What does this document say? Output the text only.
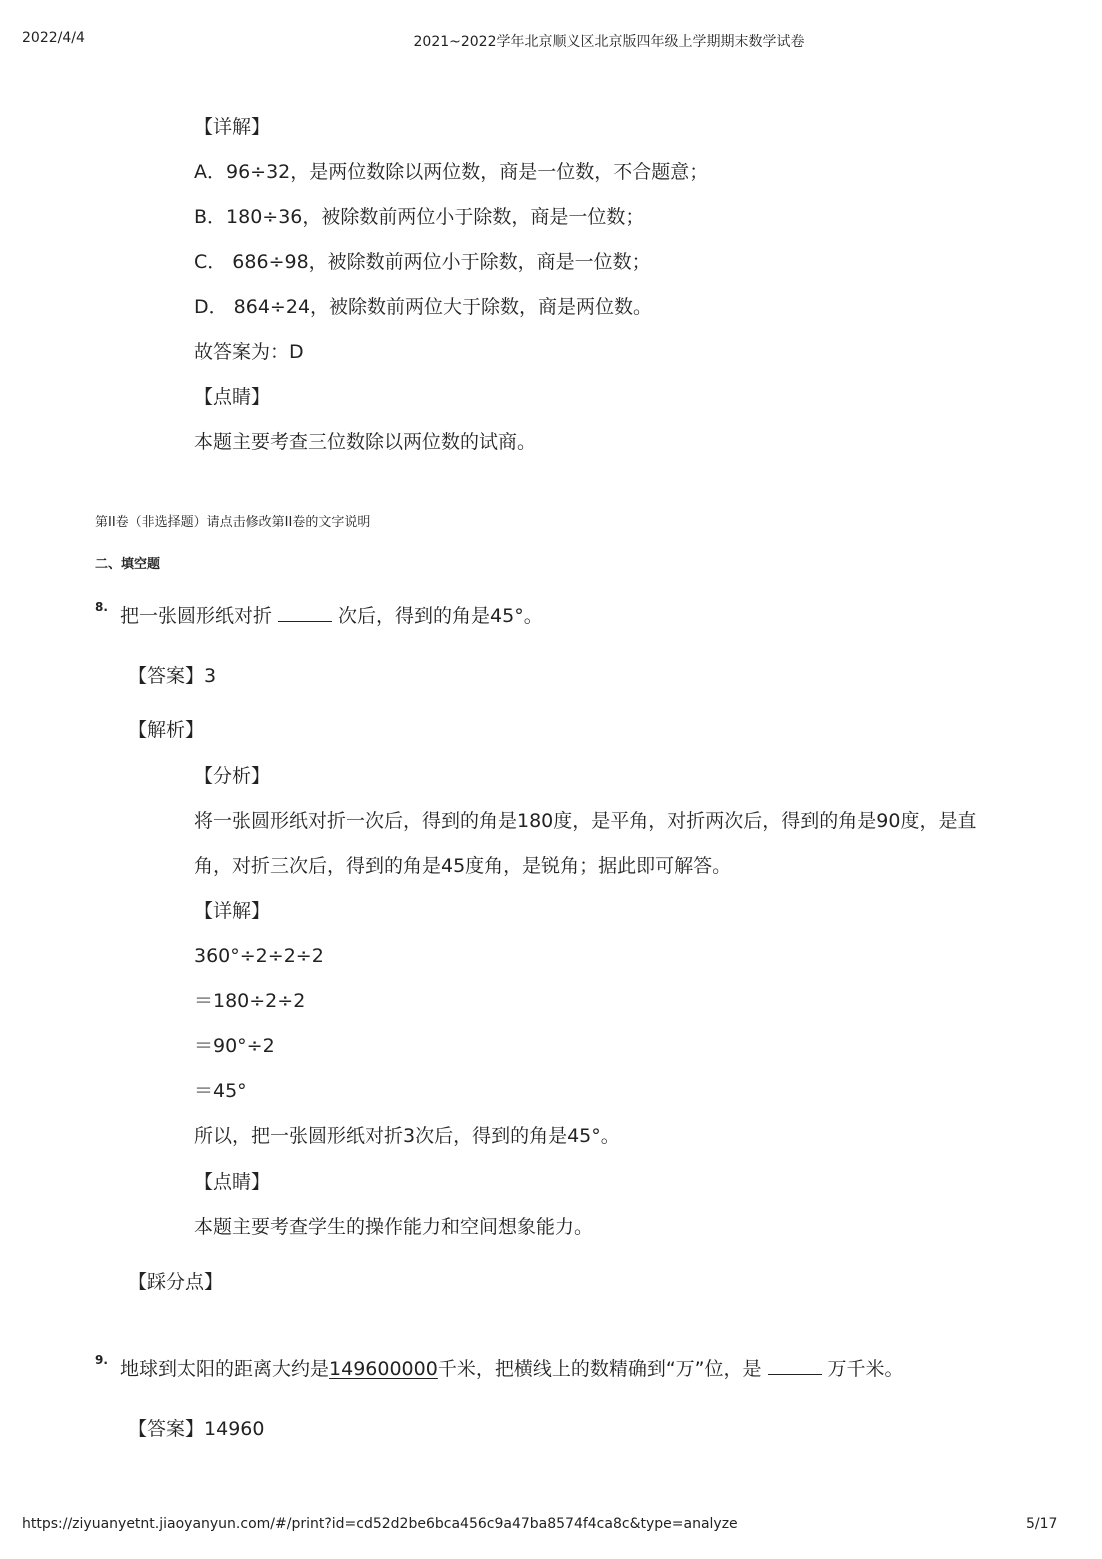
2022/4/4	2021~2022学年北京顺义区北京版四年级上学期期末数学试卷
【详解】
A．96÷32，是两位数除以两位数，商是一位数，不合题意；
B．180÷36，被除数前两位小于除数，商是一位数；
C． 686÷98，被除数前两位小于除数，商是一位数；
D． 864÷24，被除数前两位大于除数，商是两位数。
故答案为：D
【点睛】
本题主要考查三位数除以两位数的试商。
第II卷（非选择题）请点击修改第II卷的文字说明
二、填空题
8. 把一张圆形纸对折	次后，得到的角是45°。
【答案】3
【解析】
【分析】
将一张圆形纸对折一次后，得到的角是180度，是平角，对折两次后，得到的角是90度，是直
角，对折三次后，得到的角是45度角，是锐角；据此即可解答。
【详解】
360°÷2÷2÷2
＝180÷2÷2
＝90°÷2
＝45°
所以，把一张圆形纸对折3次后，得到的角是45°。
【点睛】
本题主要考查学生的操作能力和空间想象能力。
【踩分点】
9. 地球到太阳的距离大约是149600000千米，把横线上的数精确到“万”位，是	万千米。
【答案】14960
https://ziyuanyetnt.jiaoyanyun.com/#/print?id=cd52d2be6bca456c9a47ba8574f4ca8c&type=analyze	5/17
